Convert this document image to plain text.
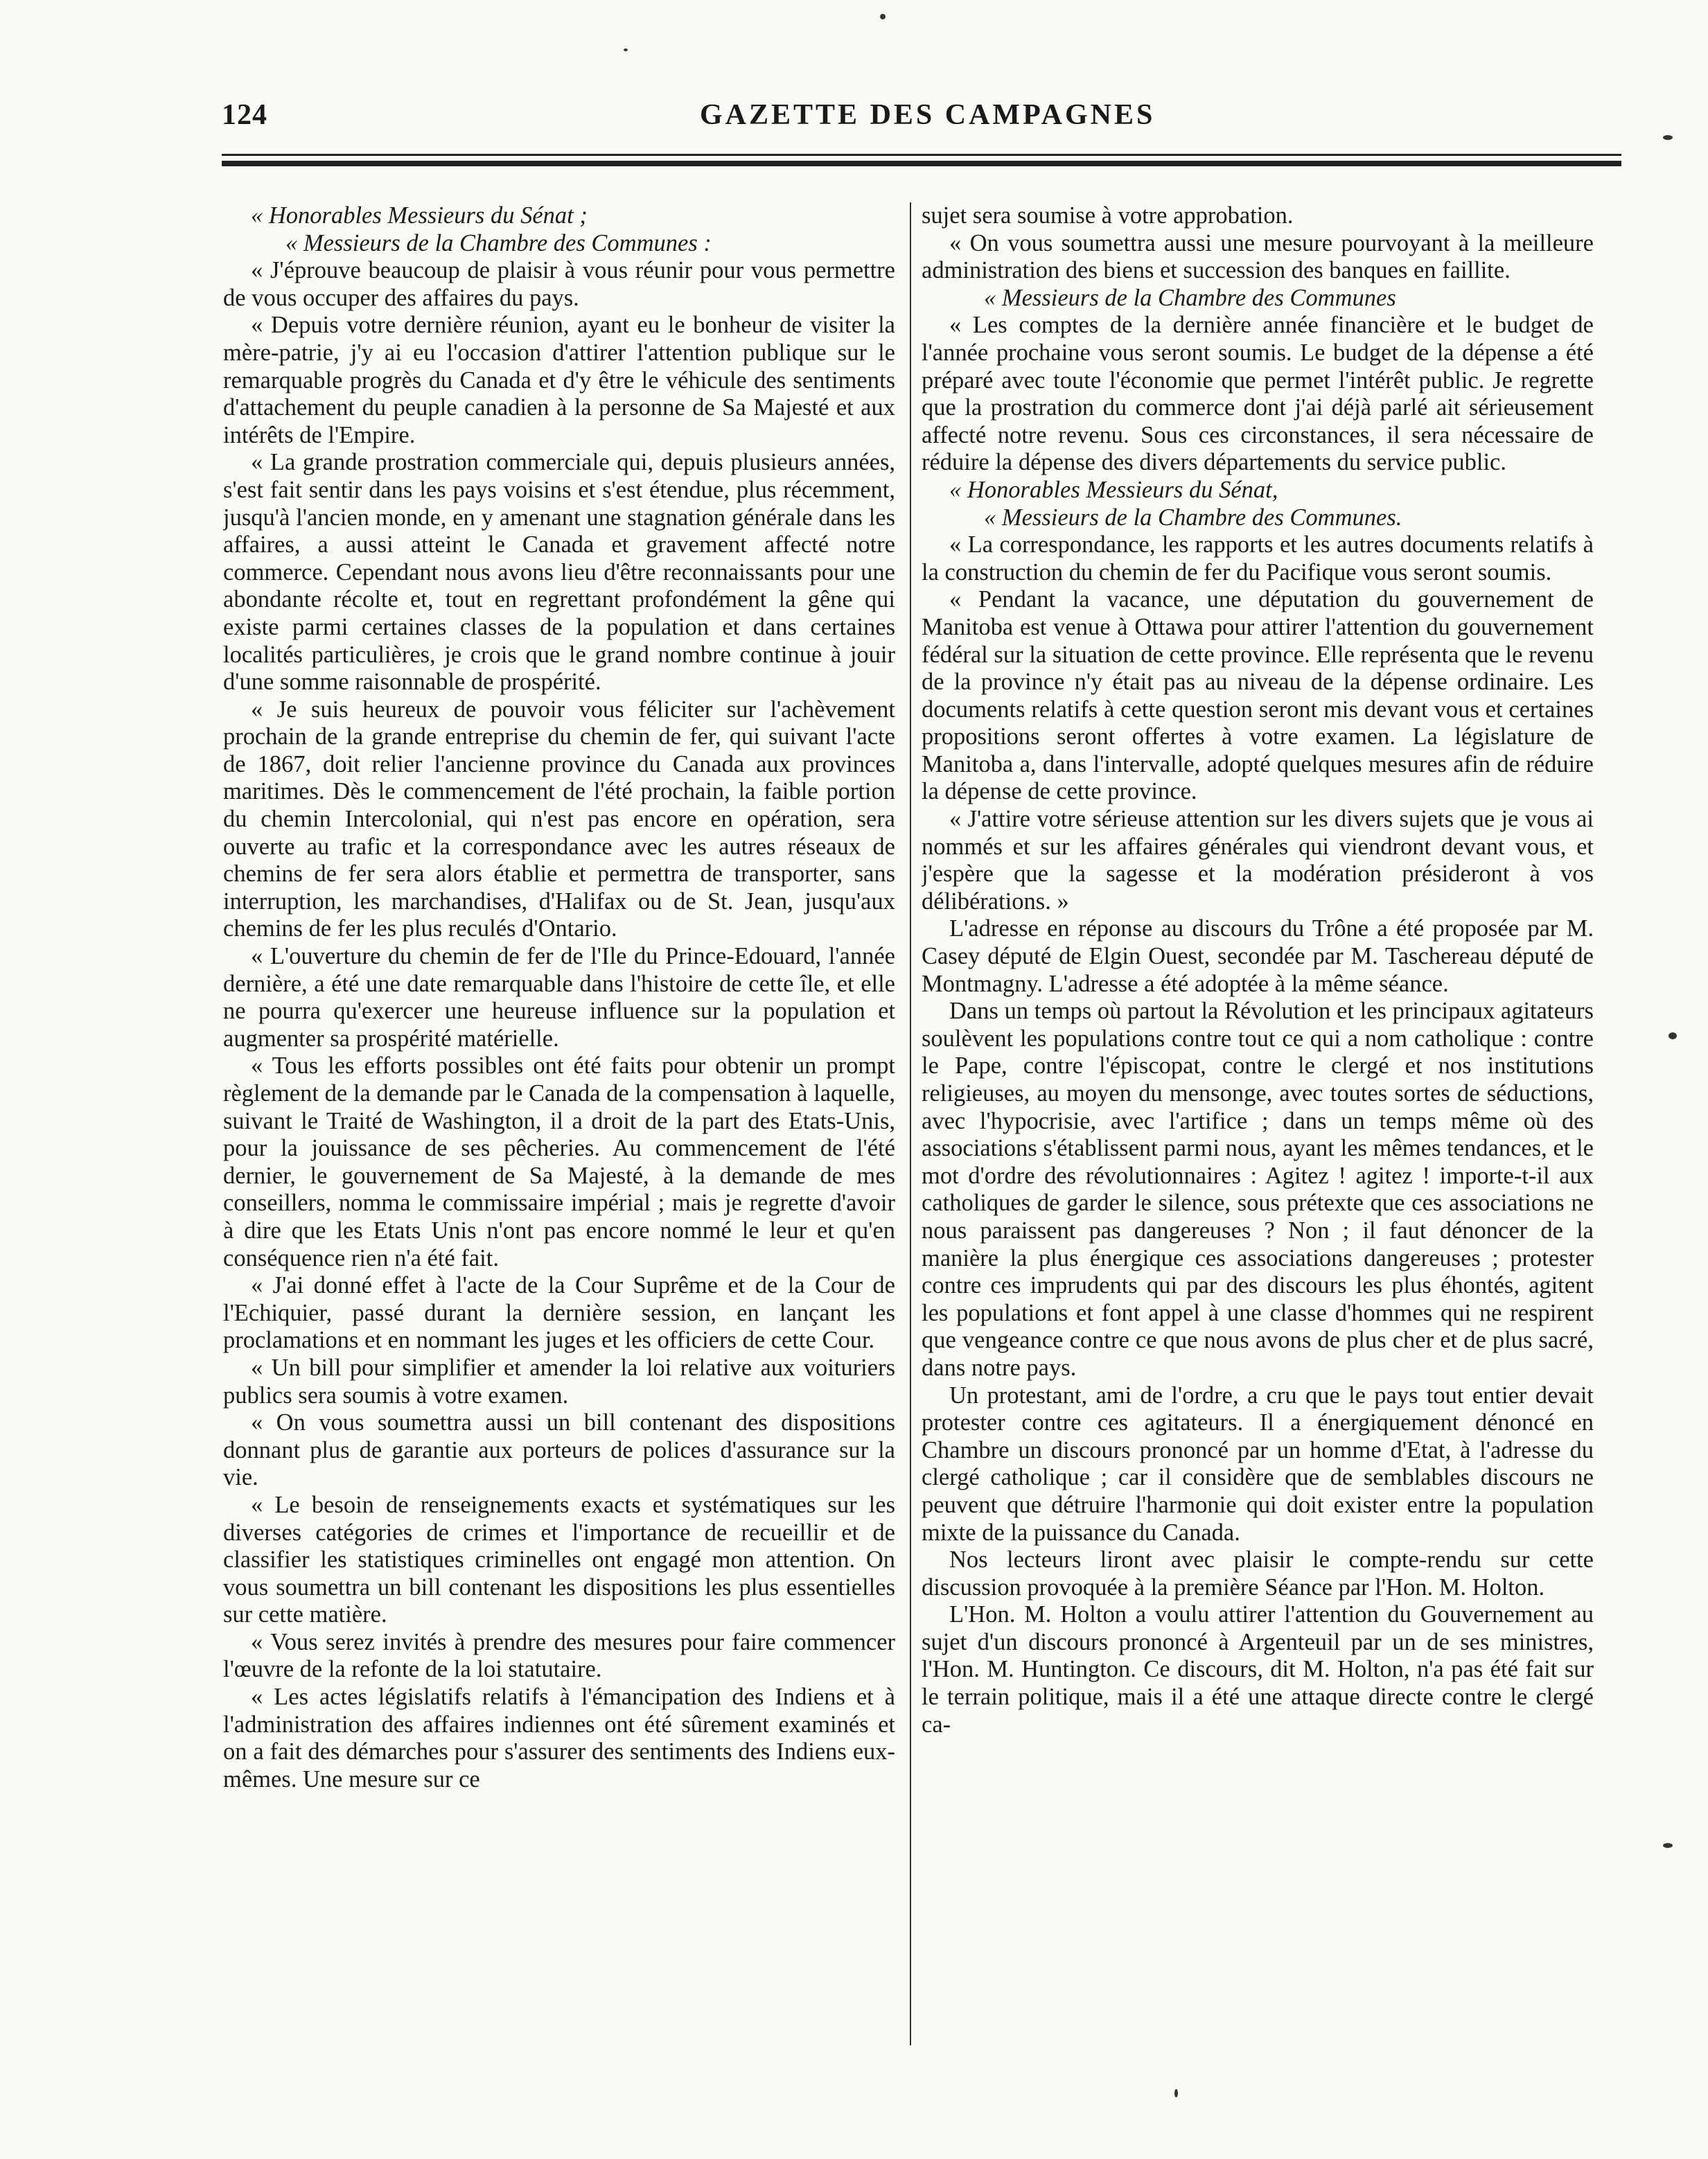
124	GAZETTE DES CAMPAGNES

« Honorables Messieurs du Sénat ;

« Messieurs de la Chambre des Communes :

« J'éprouve beaucoup de plaisir à vous réunir pour vous permettre de vous occuper des affaires du pays.

« Depuis votre dernière réunion, ayant eu le bonheur de visiter la mère-patrie, j'y ai eu l'occasion d'attirer l'attention publique sur le remarquable progrès du Canada et d'y être le véhicule des sentiments d'attachement du peuple canadien à la personne de Sa Majesté et aux intérêts de l'Empire.

« La grande prostration commerciale qui, depuis plusieurs années, s'est fait sentir dans les pays voisins et s'est étendue, plus récemment, jusqu'à l'ancien monde, en y amenant une stagnation générale dans les affaires, a aussi atteint le Canada et gravement affecté notre commerce. Cependant nous avons lieu d'être reconnaissants pour une abondante récolte et, tout en regrettant profondément la gêne qui existe parmi certaines classes de la population et dans certaines localités particulières, je crois que le grand nombre continue à jouir d'une somme raisonnable de prospérité.

« Je suis heureux de pouvoir vous féliciter sur l'achèvement prochain de la grande entreprise du chemin de fer, qui suivant l'acte de 1867, doit relier l'ancienne province du Canada aux provinces maritimes. Dès le commencement de l'été prochain, la faible portion du chemin Intercolonial, qui n'est pas encore en opération, sera ouverte au trafic et la correspondance avec les autres réseaux de chemins de fer sera alors établie et permettra de transporter, sans interruption, les marchandises, d'Halifax ou de St. Jean, jusqu'aux chemins de fer les plus reculés d'Ontario.

« L'ouverture du chemin de fer de l'Ile du Prince-Edouard, l'année dernière, a été une date remarquable dans l'histoire de cette île, et elle ne pourra qu'exercer une heureuse influence sur la population et augmenter sa prospérité matérielle.

« Tous les efforts possibles ont été faits pour obtenir un prompt règlement de la demande par le Canada de la compensation à laquelle, suivant le Traité de Washington, il a droit de la part des Etats-Unis, pour la jouissance de ses pêcheries. Au commencement de l'été dernier, le gouvernement de Sa Majesté, à la demande de mes conseillers, nomma le commissaire impérial ; mais je regrette d'avoir à dire que les Etats Unis n'ont pas encore nommé le leur et qu'en conséquence rien n'a été fait.

« J'ai donné effet à l'acte de la Cour Suprême et de la Cour de l'Echiquier, passé durant la dernière session, en lançant les proclamations et en nommant les juges et les officiers de cette Cour.

« Un bill pour simplifier et amender la loi relative aux voituriers publics sera soumis à votre examen.

« On vous soumettra aussi un bill contenant des dispositions donnant plus de garantie aux porteurs de polices d'assurance sur la vie.

« Le besoin de renseignements exacts et systématiques sur les diverses catégories de crimes et l'importance de recueillir et de classifier les statistiques criminelles ont engagé mon attention. On vous soumettra un bill contenant les dispositions les plus essentielles sur cette matière.

« Vous serez invités à prendre des mesures pour faire commencer l'œuvre de la refonte de la loi statutaire.

« Les actes législatifs relatifs à l'émancipation des Indiens et à l'administration des affaires indiennes ont été sûrement examinés et on a fait des démarches pour s'assurer des sentiments des Indiens eux-mêmes. Une mesure sur ce

sujet sera soumise à votre approbation.

« On vous soumettra aussi une mesure pourvoyant à la meilleure administration des biens et succession des banques en faillite.

« Messieurs de la Chambre des Communes

« Les comptes de la dernière année financière et le budget de l'année prochaine vous seront soumis. Le budget de la dépense a été préparé avec toute l'économie que permet l'intérêt public. Je regrette que la prostration du commerce dont j'ai déjà parlé ait sérieusement affecté notre revenu. Sous ces circonstances, il sera nécessaire de réduire la dépense des divers départements du service public.

« Honorables Messieurs du Sénat,

« Messieurs de la Chambre des Communes.

« La correspondance, les rapports et les autres documents relatifs à la construction du chemin de fer du Pacifique vous seront soumis.

« Pendant la vacance, une députation du gouvernement de Manitoba est venue à Ottawa pour attirer l'attention du gouvernement fédéral sur la situation de cette province. Elle représenta que le revenu de la province n'y était pas au niveau de la dépense ordinaire. Les documents relatifs à cette question seront mis devant vous et certaines propositions seront offertes à votre examen. La législature de Manitoba a, dans l'intervalle, adopté quelques mesures afin de réduire la dépense de cette province.

« J'attire votre sérieuse attention sur les divers sujets que je vous ai nommés et sur les affaires générales qui viendront devant vous, et j'espère que la sagesse et la modération présideront à vos délibérations. »

L'adresse en réponse au discours du Trône a été proposée par M. Casey député de Elgin Ouest, secondée par M. Taschereau député de Montmagny. L'adresse a été adoptée à la même séance.

Dans un temps où partout la Révolution et les principaux agitateurs soulèvent les populations contre tout ce qui a nom catholique : contre le Pape, contre l'épiscopat, contre le clergé et nos institutions religieuses, au moyen du mensonge, avec toutes sortes de séductions, avec l'hypocrisie, avec l'artifice ; dans un temps même où des associations s'établissent parmi nous, ayant les mêmes tendances, et le mot d'ordre des révolutionnaires : Agitez ! agitez ! importe-t-il aux catholiques de garder le silence, sous prétexte que ces associations ne nous paraissent pas dangereuses ? Non ; il faut dénoncer de la manière la plus énergique ces associations dangereuses ; protester contre ces imprudents qui par des discours les plus éhontés, agitent les populations et font appel à une classe d'hommes qui ne respirent que vengeance contre ce que nous avons de plus cher et de plus sacré, dans notre pays.

Un protestant, ami de l'ordre, a cru que le pays tout entier devait protester contre ces agitateurs. Il a énergiquement dénoncé en Chambre un discours prononcé par un homme d'Etat, à l'adresse du clergé catholique ; car il considère que de semblables discours ne peuvent que détruire l'harmonie qui doit exister entre la population mixte de la puissance du Canada.

Nos lecteurs liront avec plaisir le compte-rendu sur cette discussion provoquée à la première Séance par l'Hon. M. Holton.

L'Hon. M. Holton a voulu attirer l'attention du Gouvernement au sujet d'un discours prononcé à Argenteuil par un de ses ministres, l'Hon. M. Huntington. Ce discours, dit M. Holton, n'a pas été fait sur le terrain politique, mais il a été une attaque directe contre le clergé ca-
